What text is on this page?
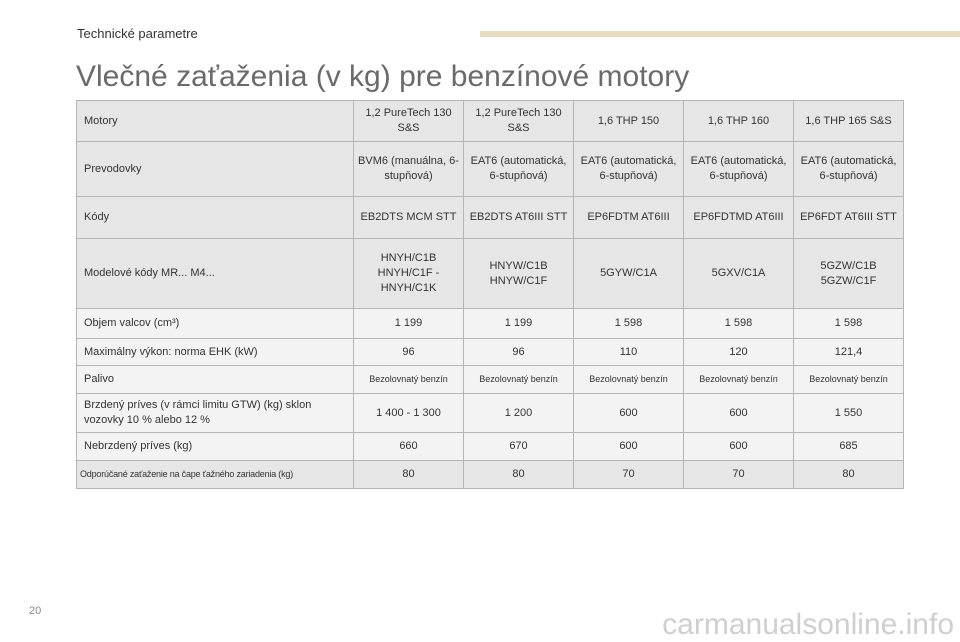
Technické parametre
Vlečné zaťaženia (v kg) pre benzínové motory
Motory	1,2 PureTech 130 S&S	1,2 PureTech 130 S&S	1,6 THP 150	1,6 THP 160	1,6 THP 165 S&S
Prevodovky	BVM6 (manuálna, 6-stupňová)	EAT6 (automatická, 6-stupňová)	EAT6 (automatická, 6-stupňová)	EAT6 (automatická, 6-stupňová)	EAT6 (automatická, 6-stupňová)
Kódy	EB2DTS MCM STT	EB2DTS AT6III STT	EP6FDTM AT6III	EP6FDTMD AT6III	EP6FDT AT6III STT
Modelové kódy MR... M4...	HNYH/C1B HNYH/C1F - HNYH/C1K	HNYW/C1B HNYW/C1F	5GYW/C1A	5GXV/C1A	5GZW/C1B 5GZW/C1F
Objem valcov (cm³)	1 199	1 199	1 598	1 598	1 598
Maximálny výkon: norma EHK (kW)	96	96	110	120	121,4
Palivo	Bezolovnatý benzín	Bezolovnatý benzín	Bezolovnatý benzín	Bezolovnatý benzín	Bezolovnatý benzín
Brzdený príves (v rámci limitu GTW) (kg) sklon vozovky 10 % alebo 12 %	1 400 - 1 300	1 200	600	600	1 550
Nebrzdený príves (kg)	660	670	600	600	685
Odporúčané zaťaženie na čape ťažného zariadenia (kg)	80	80	70	70	80
20	carmanualsonline.info
